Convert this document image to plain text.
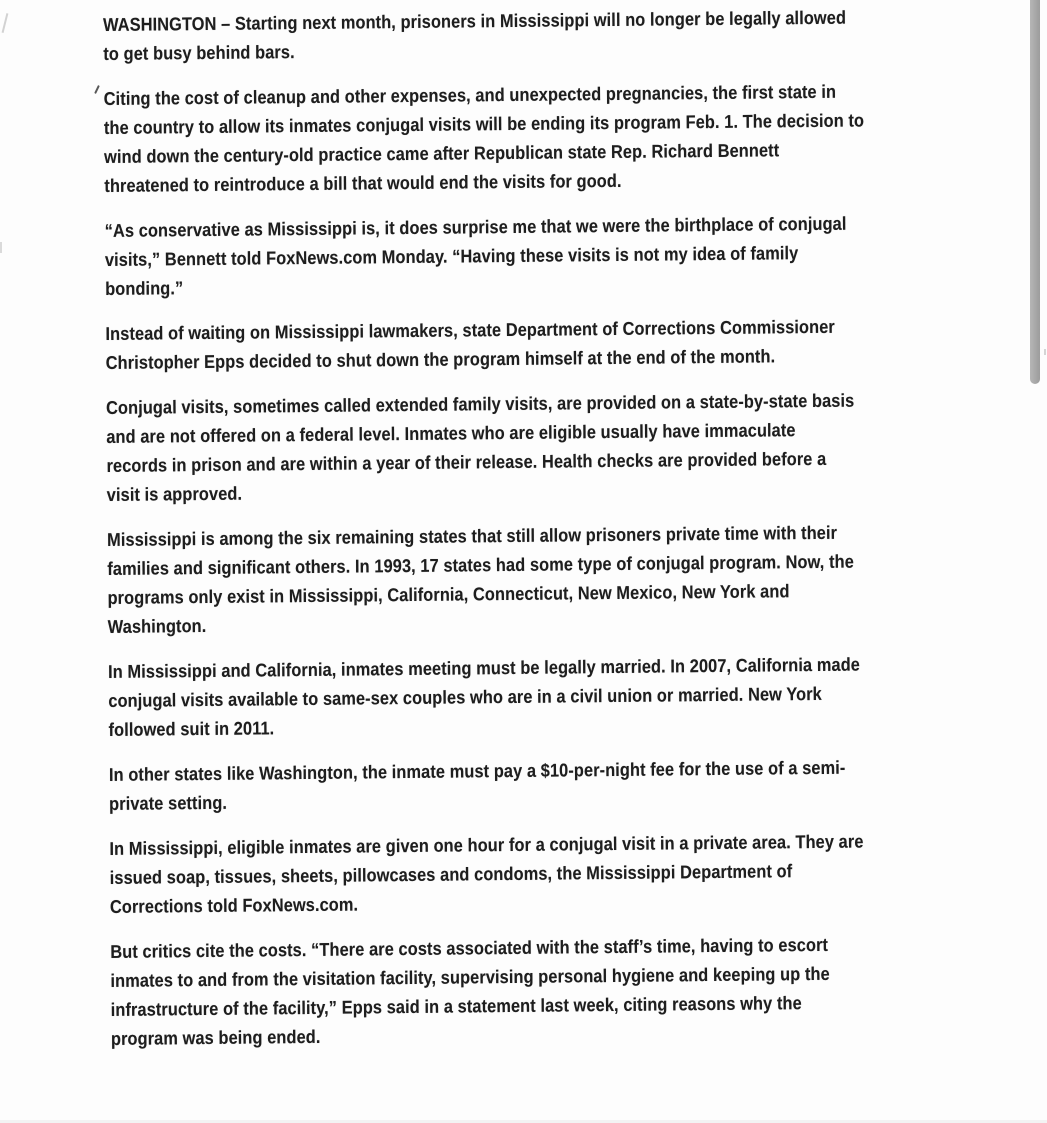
WASHINGTON – Starting next month, prisoners in Mississippi will no longer be legally allowed
to get busy behind bars.
Citing the cost of cleanup and other expenses, and unexpected pregnancies, the first state in
the country to allow its inmates conjugal visits will be ending its program Feb. 1. The decision to
wind down the century-old practice came after Republican state Rep. Richard Bennett
threatened to reintroduce a bill that would end the visits for good.
“As conservative as Mississippi is, it does surprise me that we were the birthplace of conjugal
visits,” Bennett told FoxNews.com Monday. “Having these visits is not my idea of family
bonding.”
Instead of waiting on Mississippi lawmakers, state Department of Corrections Commissioner
Christopher Epps decided to shut down the program himself at the end of the month.
Conjugal visits, sometimes called extended family visits, are provided on a state-by-state basis
and are not offered on a federal level. Inmates who are eligible usually have immaculate
records in prison and are within a year of their release. Health checks are provided before a
visit is approved.
Mississippi is among the six remaining states that still allow prisoners private time with their
families and significant others. In 1993, 17 states had some type of conjugal program. Now, the
programs only exist in Mississippi, California, Connecticut, New Mexico, New York and
Washington.
In Mississippi and California, inmates meeting must be legally married. In 2007, California made
conjugal visits available to same-sex couples who are in a civil union or married. New York
followed suit in 2011.
In other states like Washington, the inmate must pay a $10-per-night fee for the use of a semi-
private setting.
In Mississippi, eligible inmates are given one hour for a conjugal visit in a private area. They are
issued soap, tissues, sheets, pillowcases and condoms, the Mississippi Department of
Corrections told FoxNews.com.
But critics cite the costs. “There are costs associated with the staff’s time, having to escort
inmates to and from the visitation facility, supervising personal hygiene and keeping up the
infrastructure of the facility,” Epps said in a statement last week, citing reasons why the
program was being ended.
